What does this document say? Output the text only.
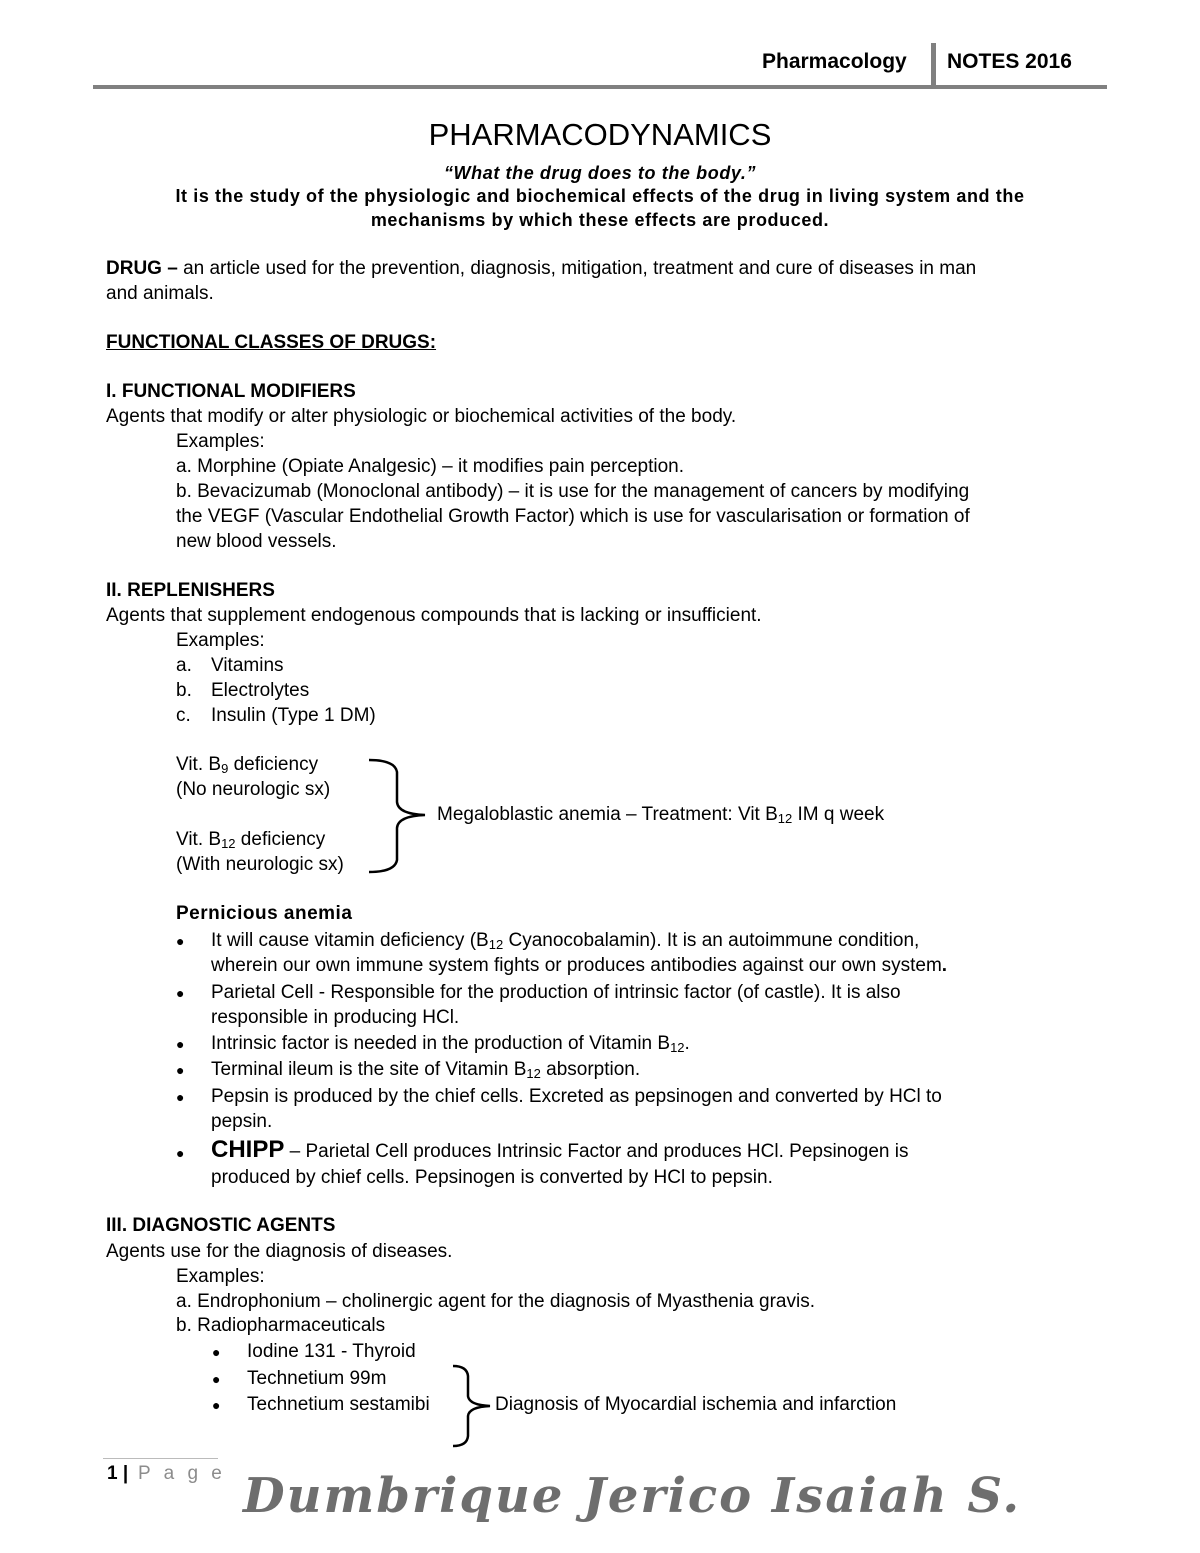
Pharmacology NOTES 2016
PHARMACODYNAMICS
“What the drug does to the body.”
It is the study of the physiologic and biochemical effects of the drug in living system and the
mechanisms by which these effects are produced.
DRUG – an article used for the prevention, diagnosis, mitigation, treatment and cure of diseases in man
and animals.
FUNCTIONAL CLASSES OF DRUGS:
I. FUNCTIONAL MODIFIERS
Agents that modify or alter physiologic or biochemical activities of the body.
Examples:
a. Morphine (Opiate Analgesic) – it modifies pain perception.
b. Bevacizumab (Monoclonal antibody) – it is use for the management of cancers by modifying
the VEGF (Vascular Endothelial Growth Factor) which is use for vascularisation or formation of
new blood vessels.
II. REPLENISHERS
Agents that supplement endogenous compounds that is lacking or insufficient.
Examples:
a. Vitamins
b. Electrolytes
c. Insulin (Type 1 DM)
Vit. $B_9$ deficiency
(No neurologic sx)
Vit. $B_{12}$ deficiency
(With neurologic sx)
Megaloblastic anemia – Treatment: Vit $B_{12}$ IM q week
Pernicious anemia
● It will cause vitamin deficiency ($B_{12}$ Cyanocobalamin). It is an autoimmune condition,
wherein our own immune system fights or produces antibodies against our own system.
● Parietal Cell - Responsible for the production of intrinsic factor (of castle). It is also
responsible in producing HCl.
● Intrinsic factor is needed in the production of Vitamin $B_{12}$.
● Terminal ileum is the site of Vitamin $B_{12}$ absorption.
● Pepsin is produced by the chief cells. Excreted as pepsinogen and converted by HCl to
pepsin.
● CHIPP – Parietal Cell produces Intrinsic Factor and produces HCl. Pepsinogen is
produced by chief cells. Pepsinogen is converted by HCl to pepsin.
III. DIAGNOSTIC AGENTS
Agents use for the diagnosis of diseases.
Examples:
a. Endrophonium – cholinergic agent for the diagnosis of Myasthenia gravis.
b. Radiopharmaceuticals
● Iodine 131 - Thyroid
● Technetium 99m
● Technetium sestamibi	Diagnosis of Myocardial ischemia and infarction
1 | P a g e Dumbrique Jerico Isaiah S.
